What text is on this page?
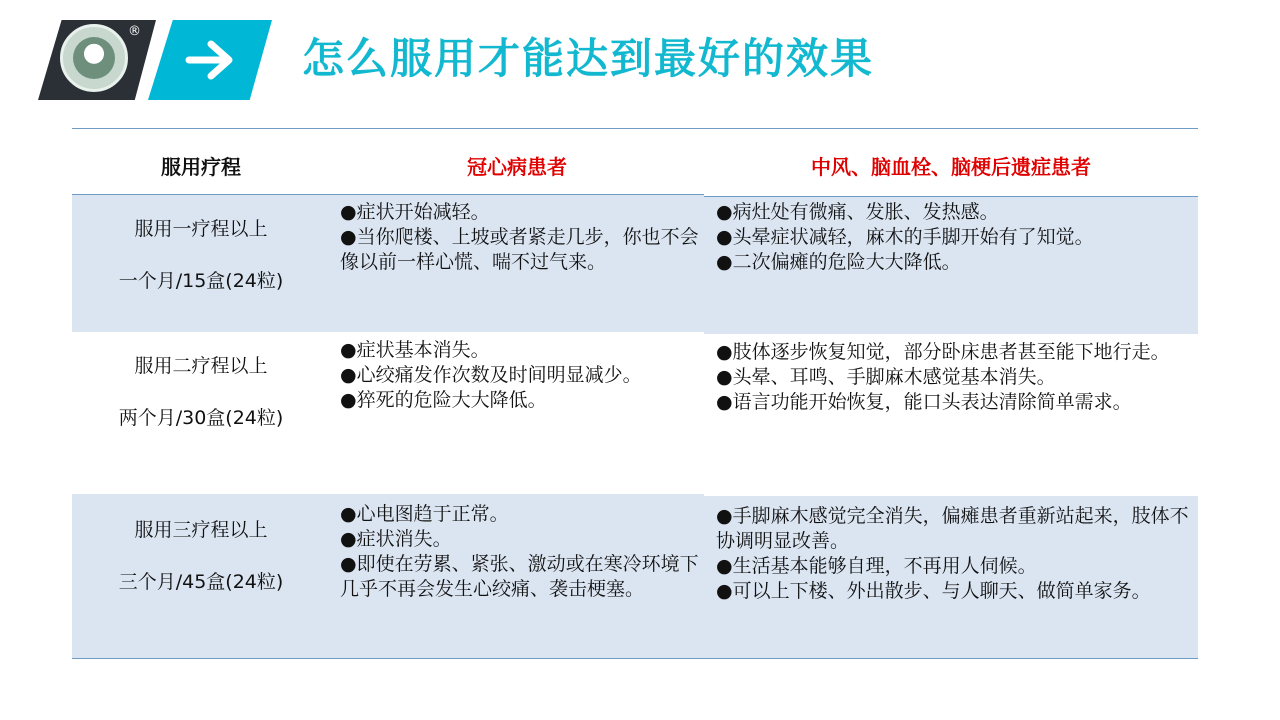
®
怎么服用才能达到最好的效果
服用疗程	冠心病患者	中风、脑血栓、脑梗后遗症患者
服用一疗程以上
一个月/15盒(24粒)
●症状开始减轻。
●当你爬楼、上坡或者紧走几步，你也不会像以前一样心慌、喘不过气来。
●病灶处有微痛、发胀、发热感。
●头晕症状减轻，麻木的手脚开始有了知觉。
●二次偏瘫的危险大大降低。
服用二疗程以上
两个月/30盒(24粒)
●症状基本消失。
●心绞痛发作次数及时间明显减少。
●猝死的危险大大降低。
●肢体逐步恢复知觉，部分卧床患者甚至能下地行走。
●头晕、耳鸣、手脚麻木感觉基本消失。
●语言功能开始恢复，能口头表达清除简单需求。
服用三疗程以上
三个月/45盒(24粒)
●心电图趋于正常。
●症状消失。
●即使在劳累、紧张、激动或在寒冷环境下几乎不再会发生心绞痛、袭击梗塞。
●手脚麻木感觉完全消失，偏瘫患者重新站起来，肢体不协调明显改善。
●生活基本能够自理，不再用人伺候。
●可以上下楼、外出散步、与人聊天、做简单家务。
